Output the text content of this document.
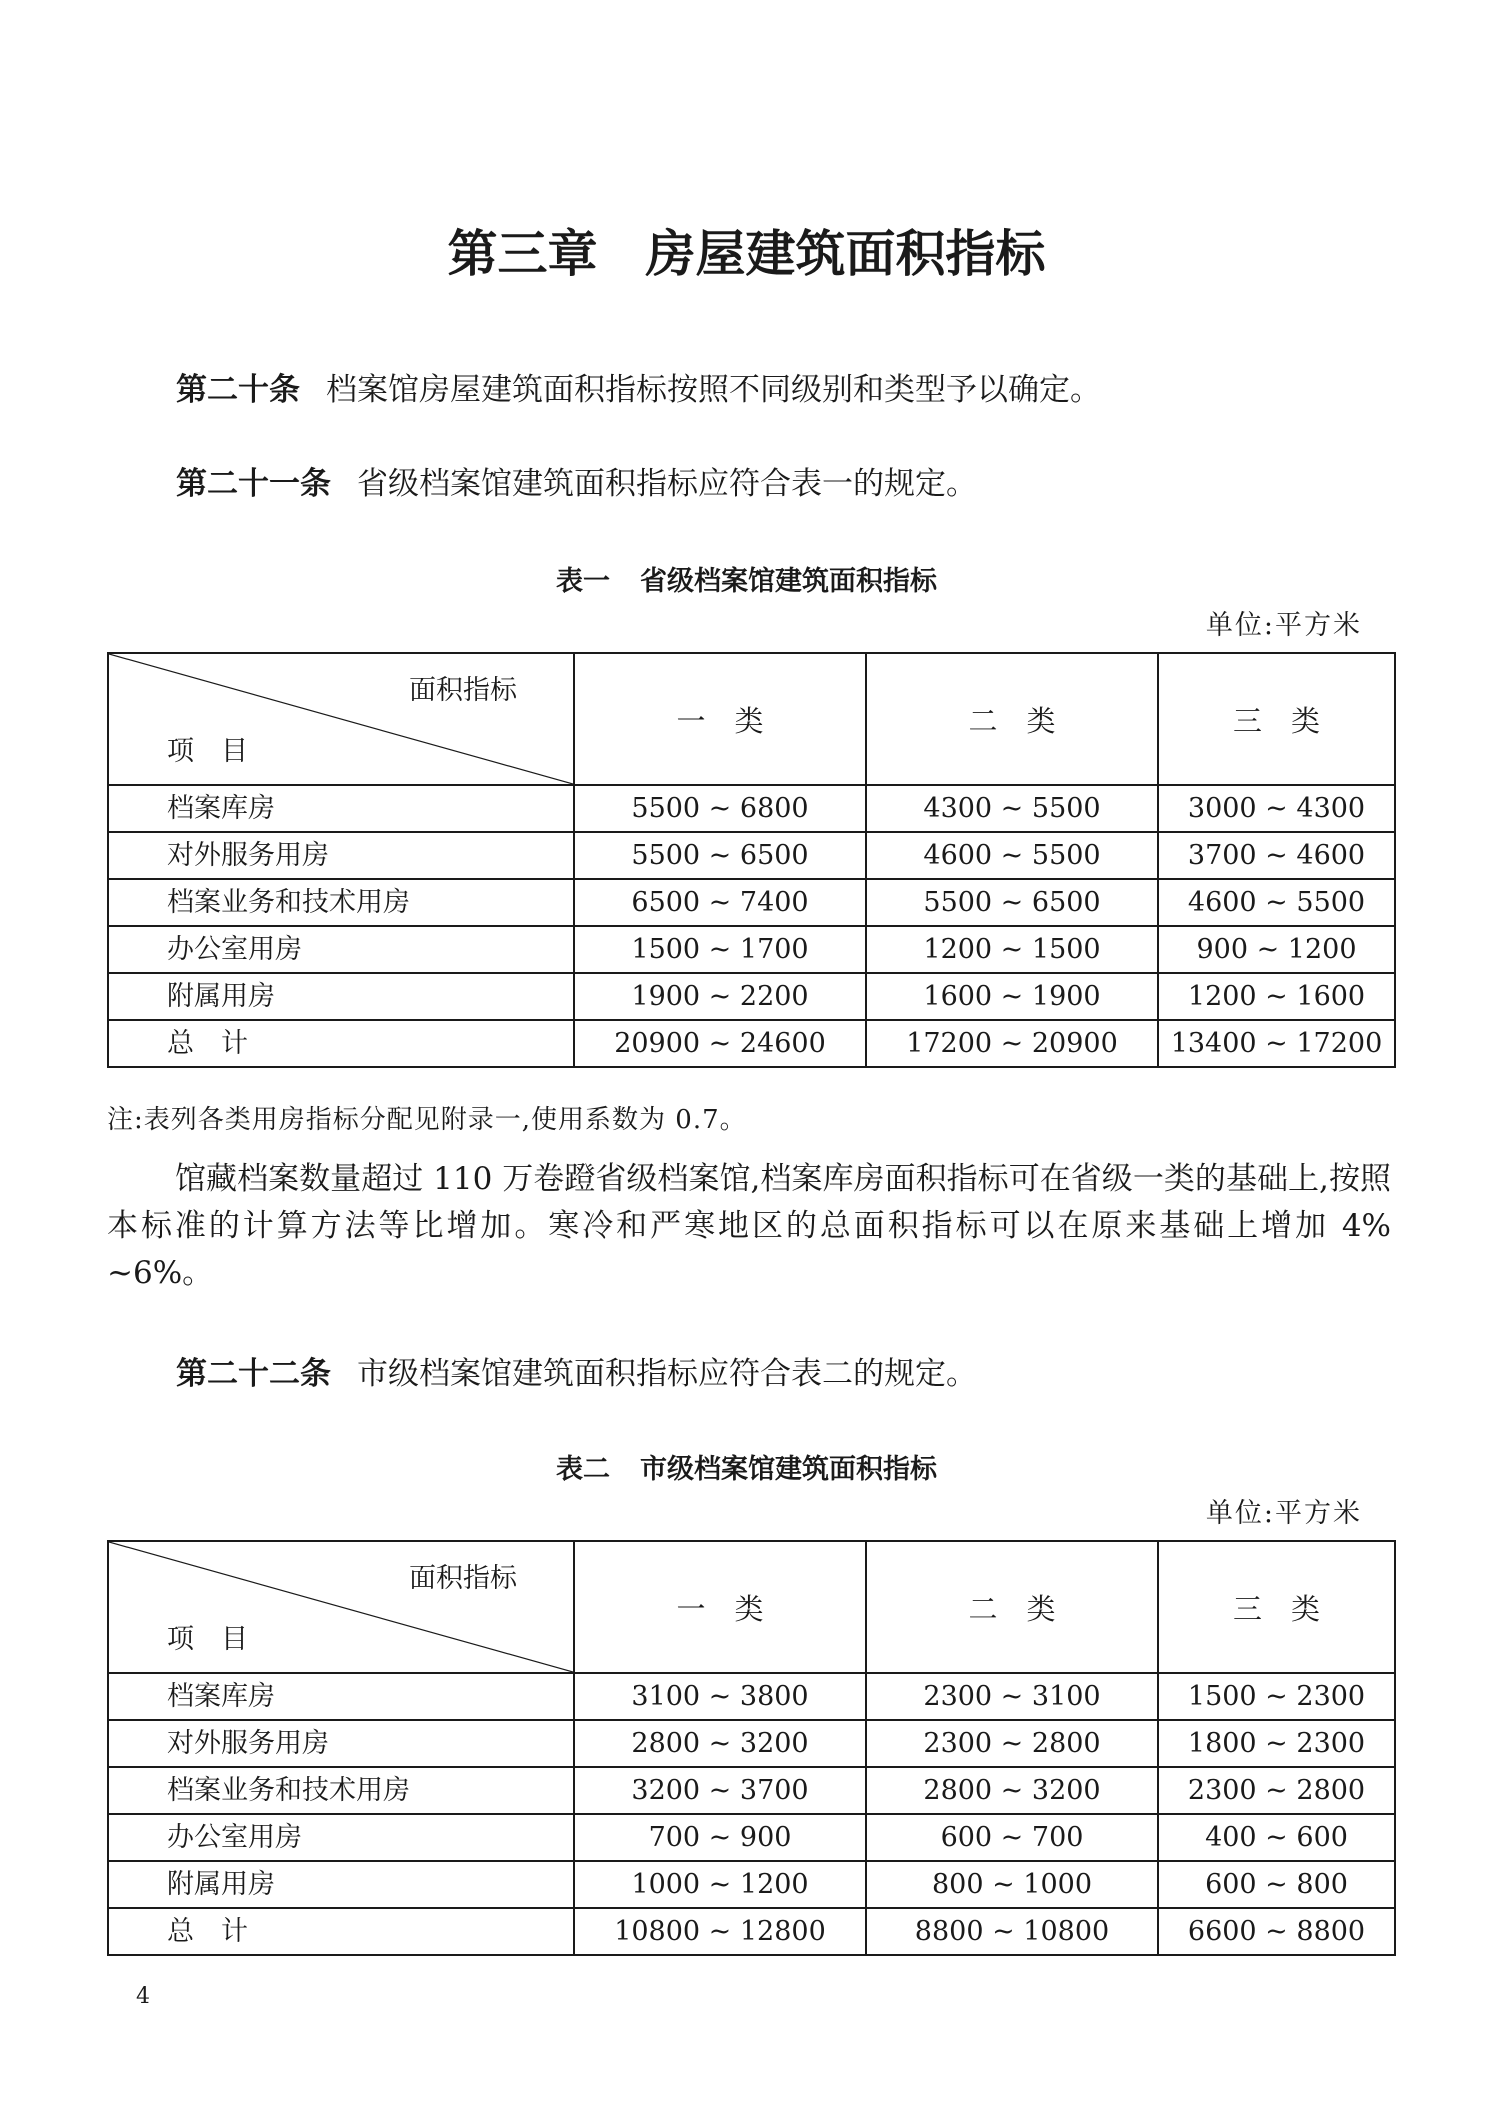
第三章 房屋建筑面积指标

第二十条 档案馆房屋建筑面积指标按照不同级别和类型予以确定。

第二十一条 省级档案馆建筑面积指标应符合表一的规定。

表一 省级档案馆建筑面积指标

单位:平方米
面积指标
项　目	一　类	二　类	三　类
档案库房	5500 ~ 6800	4300 ~ 5500	3000 ~ 4300
对外服务用房	5500 ~ 6500	4600 ~ 5500	3700 ~ 4600
档案业务和技术用房	6500 ~ 7400	5500 ~ 6500	4600 ~ 5500
办公室用房	1500 ~ 1700	1200 ~ 1500	900 ~ 1200
附属用房	1900 ~ 2200	1600 ~ 1900	1200 ~ 1600
总　计	20900 ~ 24600	17200 ~ 20900	13400 ~ 17200
注:表列各类用房指标分配见附录一,使用系数为 0.7。

馆藏档案数量超过 110 万卷蹬省级档案馆,档案库房面积指标可在省级一类的基础上,按照本标准的计算方法等比增加。寒冷和严寒地区的总面积指标可以在原来基础上增加 4% ~6%。

第二十二条 市级档案馆建筑面积指标应符合表二的规定。

表二 市级档案馆建筑面积指标

单位:平方米
面积指标
项　目	一　类	二　类	三　类
档案库房	3100 ~ 3800	2300 ~ 3100	1500 ~ 2300
对外服务用房	2800 ~ 3200	2300 ~ 2800	1800 ~ 2300
档案业务和技术用房	3200 ~ 3700	2800 ~ 3200	2300 ~ 2800
办公室用房	700 ~ 900	600 ~ 700	400 ~ 600
附属用房	1000 ~ 1200	800 ~ 1000	600 ~ 800
总　计	10800 ~ 12800	8800 ~ 10800	6600 ~ 8800
4
